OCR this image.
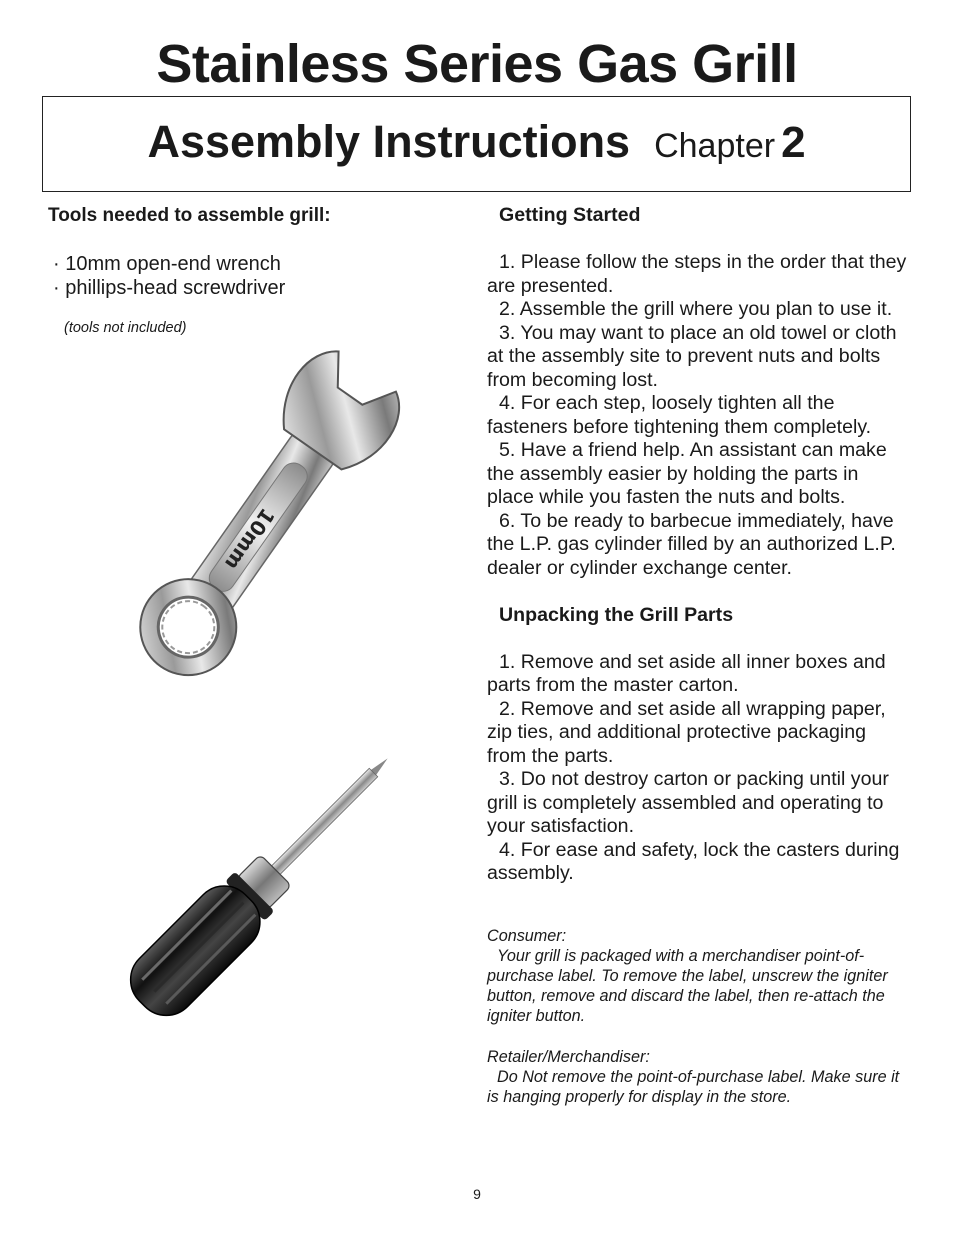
Stainless Series Gas Grill
Assembly Instructions Chapter 2
Tools needed to assemble grill:
· 10mm open-end wrench
· phillips-head screwdriver
(tools not included)
10mm
Getting Started
1. Please follow the steps in the order that they are presented.
2. Assemble the grill where you plan to use it.
3. You may want to place an old towel or cloth at the assembly site to prevent nuts and bolts from becoming lost.
4. For each step, loosely tighten all the fasteners before tightening them completely.
5. Have a friend help. An assistant can make the assembly easier by holding the parts in place while you fasten the nuts and bolts.
6. To be ready to barbecue immediately, have the L.P. gas cylinder filled by an authorized L.P. dealer or cylinder exchange center.
Unpacking the Grill Parts
1. Remove and set aside all inner boxes and parts from the master carton.
2. Remove and set aside all wrapping paper, zip ties, and additional protective packaging from the parts.
3. Do not destroy carton or packing until your grill is completely assembled and operating to your satisfaction.
4. For ease and safety, lock the casters during assembly.
Consumer:
Your grill is packaged with a merchandiser point-of-purchase label. To remove the label, unscrew the igniter button, remove and discard the label, then re-attach the igniter button.
Retailer/Merchandiser:
Do Not remove the point-of-purchase label. Make sure it is hanging properly for display in the store.
9
